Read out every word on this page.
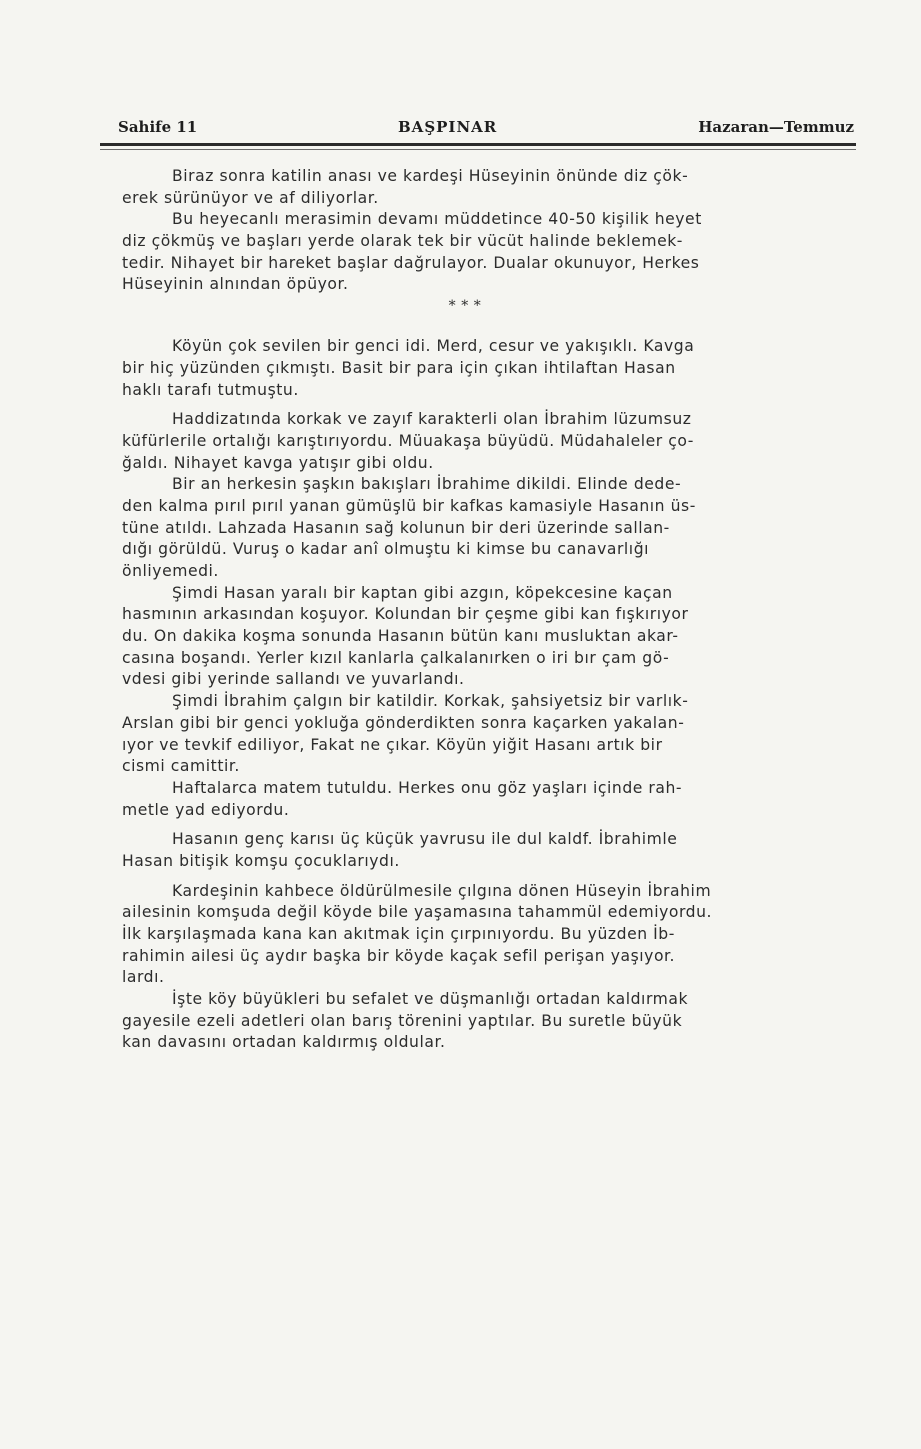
Sahife 11	BAŞPINAR	Hazaran—Temmuz
Biraz sonra katilin anası ve kardeşi Hüseyinin önünde diz çök-
erek sürünüyor ve af diliyorlar.
Bu heyecanlı merasimin devamı müddetince 40-50 kişilik heyet
diz çökmüş ve başları yerde olarak tek bir vücüt halinde beklemek-
tedir. Nihayet bir hareket başlar dağrulayor. Dualar okunuyor, Herkes
Hüseyinin alnından öpüyor.
* * *
Köyün çok sevilen bir genci idi. Merd, cesur ve yakışıklı. Kavga
bir hiç yüzünden çıkmıştı. Basit bir para için çıkan ihtilaftan Hasan
haklı tarafı tutmuştu.
Haddizatında korkak ve zayıf karakterli olan İbrahim lüzumsuz
küfürlerile ortalığı karıştırıyordu. Müuakaşa büyüdü. Müdahaleler ço-
ğaldı. Nihayet kavga yatışır gibi oldu.
Bir an herkesin şaşkın bakışları İbrahime dikildi. Elinde dede-
den kalma pırıl pırıl yanan gümüşlü bir kafkas kamasiyle Hasanın üs-
tüne atıldı. Lahzada Hasanın sağ kolunun bir deri üzerinde sallan-
dığı görüldü. Vuruş o kadar anî olmuştu ki kimse bu canavarlığı
önliyemedi.
Şimdi Hasan yaralı bir kaptan gibi azgın, köpekcesine kaçan
hasmının arkasından koşuyor. Kolundan bir çeşme gibi kan fışkırıyor
du. On dakika koşma sonunda Hasanın bütün kanı musluktan akar-
casına boşandı. Yerler kızıl kanlarla çalkalanırken o iri bır çam gö-
vdesi gibi yerinde sallandı ve yuvarlandı.
Şimdi İbrahim çalgın bir katildir. Korkak, şahsiyetsiz bir varlık-
Arslan gibi bir genci yokluğa gönderdikten sonra kaçarken yakalan-
ıyor ve tevkif ediliyor, Fakat ne çıkar. Köyün yiğit Hasanı artık bir
cismi camittir.
Haftalarca matem tutuldu. Herkes onu göz yaşları içinde rah-
metle yad ediyordu.
Hasanın genç karısı üç küçük yavrusu ile dul kaldf. İbrahimle
Hasan bitişik komşu çocuklarıydı.
Kardeşinin kahbece öldürülmesile çılgına dönen Hüseyin İbrahim
ailesinin komşuda değil köyde bile yaşamasına tahammül edemiyordu.
İlk karşılaşmada kana kan akıtmak için çırpınıyordu. Bu yüzden İb-
rahimin ailesi üç aydır başka bir köyde kaçak sefil perişan yaşıyor.
lardı.
İşte köy büyükleri bu sefalet ve düşmanlığı ortadan kaldırmak
gayesile ezeli adetleri olan barış törenini yaptılar. Bu suretle büyük
kan davasını ortadan kaldırmış oldular.
